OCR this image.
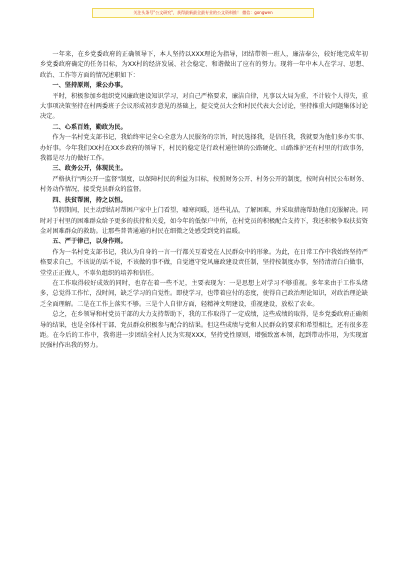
关注头条号"公文研究"，获得最新最全最专业的公文资料推！ 微信：gongwen

一年来，在乡党委政府的正确领导下，本人坚持以XXX理论为指导，团结带领一班人，廉洁奉公，较好地完成年初乡党委政府确定的任务目标，为XX村的经济发展、社会稳定、和谐做出了应有的努力。现将一年中本人在学习、思想、政治、工作等方面的情况述职如下：

一、坚持原则，秉公办事。

平时，积极参加乡组织党风廉政建设知识学习，对自己严格要求，廉洁自律，凡事以大局为重，不计较个人得失，重大事项决策坚持在村两委班子会议形成初步意见的基础上，提交党员大会和村民代表大会讨论，坚持推重大问题集体讨论决定。

二、心系百姓，勤政为民。

作为一名村党支部书记，我始终牢记全心全意为人民服务的宗旨，时民选择我，是信任我，我就要为他们多办实事、办好事。今年我们XX村在XX乡政府的领导下，村民的稳定是行政村通往镇的公路硬化、山路维护还有村里的行政事务，我都是尽力的做好工作。

三、政务公开，体现民主。

严格执行"两公开一监督"制度，以保障村民的利益为目标，按照财务公开、村务公开的制度，按时向村民公布财务、村务动作情况，接受党员群众的监督。

四、扶贫帮困，持之以恒。

节假期间，民主动到结对帮困户家中上门看望，嘘寒问暖，送些礼品，了解困难，并采取措施帮助他们克服解决。同时对于村里的困难群众给予更多的扶持和关爱，如今年的低保户中所，在村党员的积极配合支持下，我还积极争取扶贫资金对困难群众的救助。让那些普普通通的村民在细微之处感受到党的温暖。

五、严于律己，以身作则。

作为一名村党支部书记，我认为自身的一言一行都关互着党在人民群众中的形象。为此，在日常工作中我始终坚持严格要求自己，不该说的话不说，不该做的事不做，自觉遵守党风廉政建设责任制，坚持按制度办事，坚持清清白白做事，堂堂正正做人，不辜负组织的培养和信任。

在工作取得较好成效的同时，也存在着一些不足，主要表现为：一是思想上对学习不够重视。多年来由于工作头绪多，总觉得工作忙，没时间，缺乏学习的自觉性。即使学习，也带着应付的态度，使得自己政治理论知识，对政治理论缺乏全面理解。二是在工作上落实不够。三是个人自律方面，轻精神文明建设，重视建设，放松了农业。

总之，在乡领导和村党员干部的大力支持帮助下，我的工作取得了一定成绩，这些成绩的取得，是乡党委政府正确领导的结果，也是全体村干部、党员群众积极参与配合的结果。但这些成绩与党和人民群众的要求和希望相比，还有很多差距。在今后的工作中，我将进一步团结全村人民为实现XXX，坚持党性原则，增强致富本领，起到带动作用，为实现富民强村作出我的努力。
